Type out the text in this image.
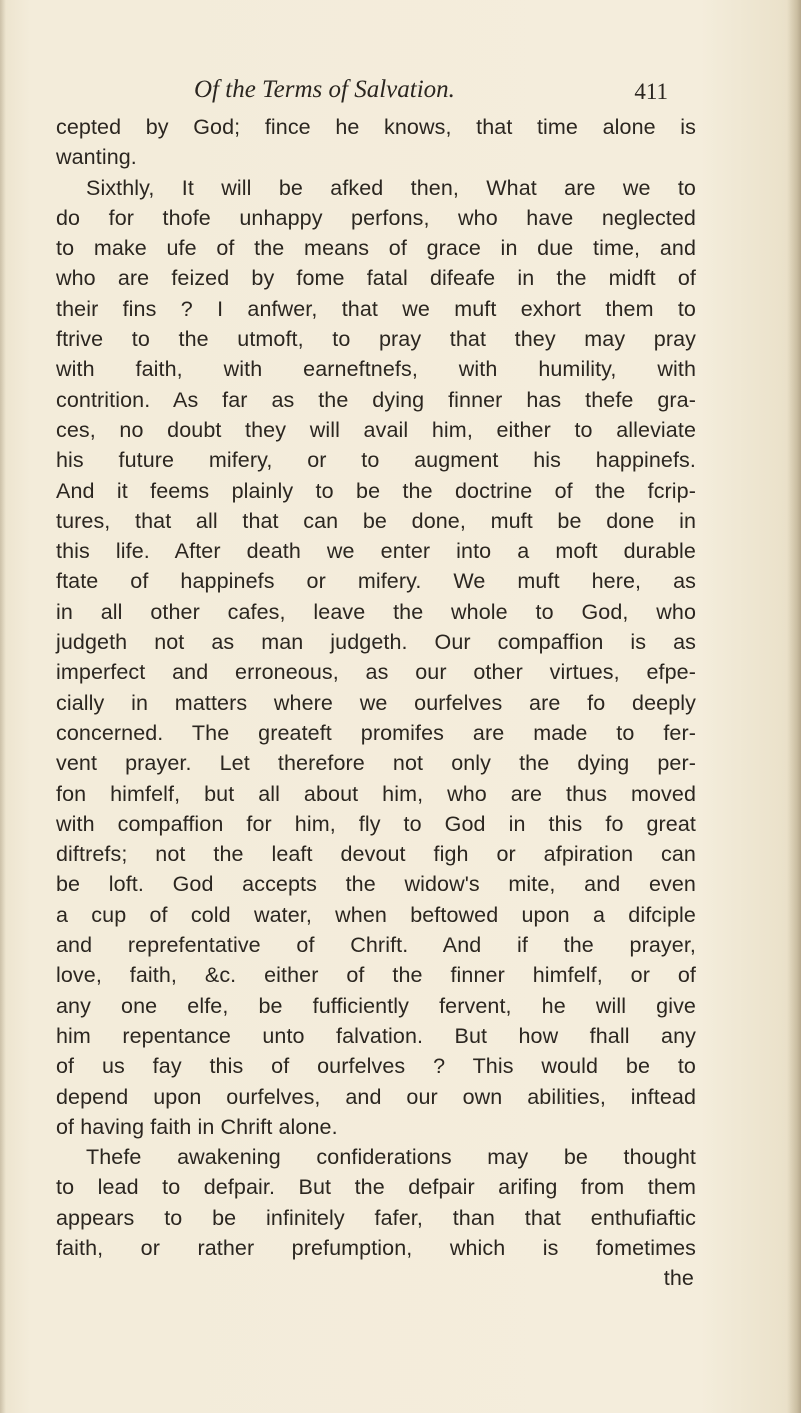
Of the Terms of Salvation.	411
cepted by God; fince he knows, that time alone is
wanting.
Sixthly, It will be afked then, What are we to
do for thofe unhappy perfons, who have neglected
to make ufe of the means of grace in due time, and
who are feized by fome fatal difeafe in the midft of
their fins ? I anfwer, that we muft exhort them to
ftrive to the utmoft, to pray that they may pray
with faith, with earneftnefs, with humility, with
contrition. As far as the dying finner has thefe gra-
ces, no doubt they will avail him, either to alleviate
his future mifery, or to augment his happinefs.
And it feems plainly to be the doctrine of the fcrip-
tures, that all that can be done, muft be done in
this life. After death we enter into a moft durable
ftate of happinefs or mifery. We muft here, as
in all other cafes, leave the whole to God, who
judgeth not as man judgeth. Our compaffion is as
imperfect and erroneous, as our other virtues, efpe-
cially in matters where we ourfelves are fo deeply
concerned. The greateft promifes are made to fer-
vent prayer. Let therefore not only the dying per-
fon himfelf, but all about him, who are thus moved
with compaffion for him, fly to God in this fo great
diftrefs; not the leaft devout figh or afpiration can
be loft. God accepts the widow's mite, and even
a cup of cold water, when beftowed upon a difciple
and reprefentative of Chrift. And if the prayer,
love, faith, &c. either of the finner himfelf, or of
any one elfe, be fufficiently fervent, he will give
him repentance unto falvation. But how fhall any
of us fay this of ourfelves ? This would be to
depend upon ourfelves, and our own abilities, inftead
of having faith in Chrift alone.
Thefe awakening confiderations may be thought
to lead to defpair. But the defpair arifing from them
appears to be infinitely fafer, than that enthufiaftic
faith, or rather prefumption, which is fometimes
the
